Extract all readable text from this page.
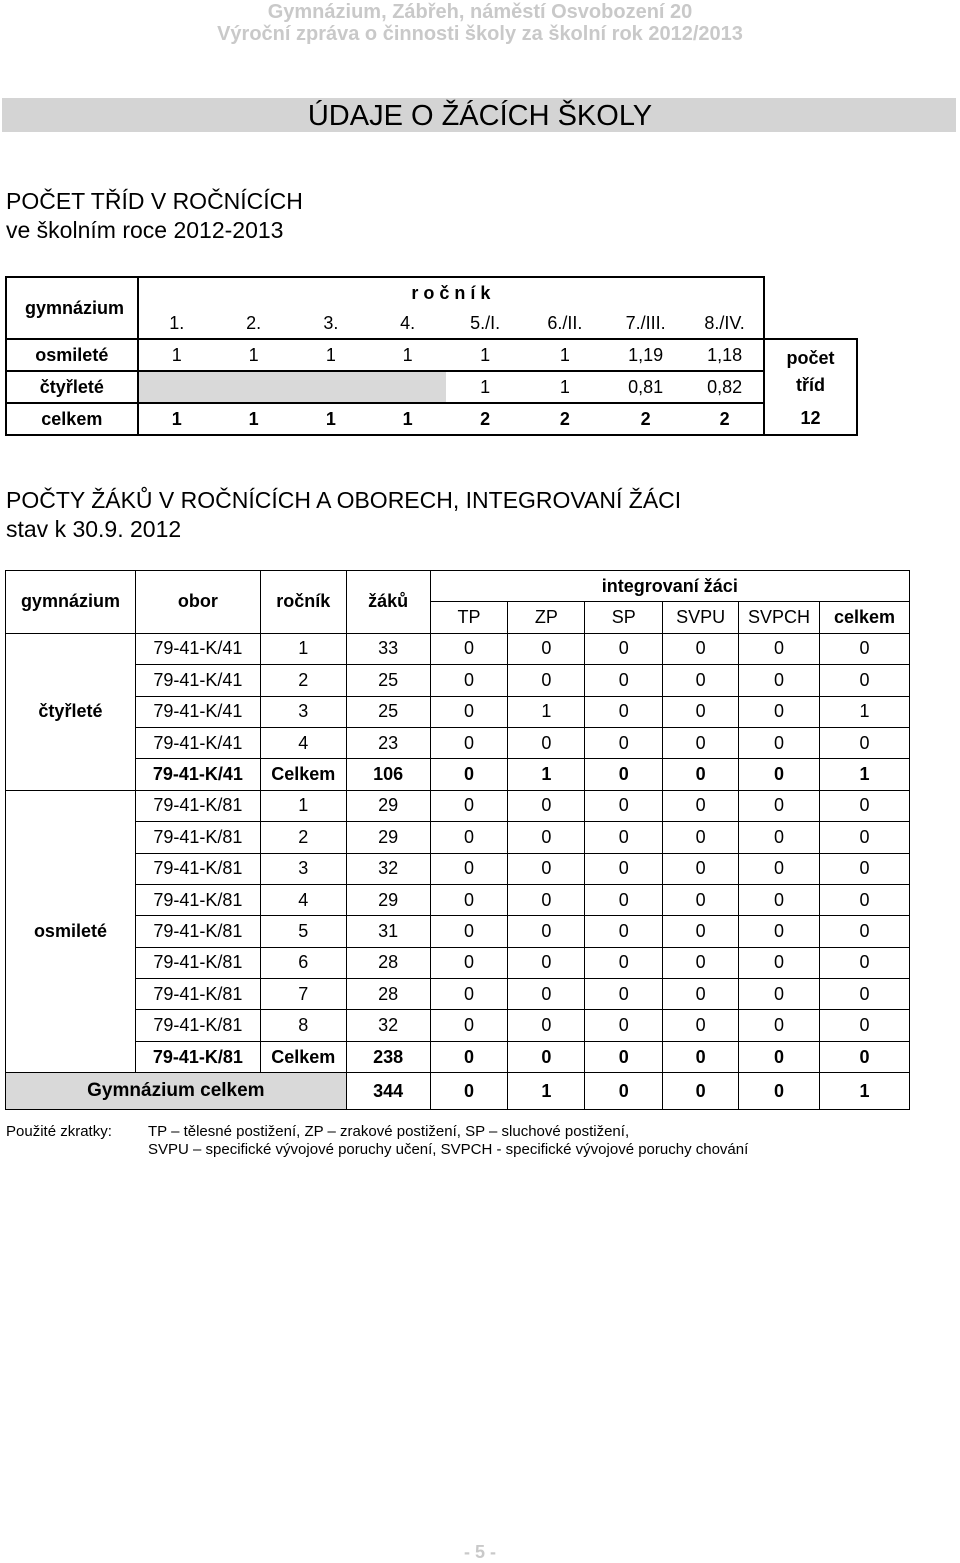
Gymnázium, Zábřeh, náměstí Osvobození 20
Výroční zpráva o činnosti školy za školní rok 2012/2013
ÚDAJE O ŽÁCÍCH ŠKOLY
POČET TŘÍD V ROČNÍCÍCH
ve školním roce 2012-2013
gymnázium	r o č n í k								
	1.	2.	3.	4.	5./I.	6./II.	7./III.	8./IV.	
osmileté	1	1	1	1	1	1	1,19	1,18	počet
tříd

čtyřleté					1	1	0,81	0,82	
celkem	1	1	1	1	2	2	2	2	12
POČTY ŽÁKŮ V ROČNÍCÍCH A OBORECH, INTEGROVANÍ ŽÁCI
stav k 30.9. 2012
gymnázium	obor	ročník	žáků	integrovaní žáci					
				TP	ZP	SP	SVPU	SVPCH	celkem
čtyřleté	79-41-K/41	1	33	0	0	0	0	0	0
	79-41-K/41	2	25	0	0	0	0	0	0
	79-41-K/41	3	25	0	1	0	0	0	1
	79-41-K/41	4	23	0	0	0	0	0	0
	79-41-K/41	Celkem	106	0	1	0	0	0	1
osmileté	79-41-K/81	1	29	0	0	0	0	0	0
	79-41-K/81	2	29	0	0	0	0	0	0
	79-41-K/81	3	32	0	0	0	0	0	0
	79-41-K/81	4	29	0	0	0	0	0	0
	79-41-K/81	5	31	0	0	0	0	0	0
	79-41-K/81	6	28	0	0	0	0	0	0
	79-41-K/81	7	28	0	0	0	0	0	0
	79-41-K/81	8	32	0	0	0	0	0	0
	79-41-K/81	Celkem	238	0	0	0	0	0	0
Gymnázium celkem			344	0	1	0	0	0	1
Použité zkratky: TP – tělesné postižení, ZP – zrakové postižení, SP – sluchové postižení,
SVPU – specifické vývojové poruchy učení, SVPCH - specifické vývojové poruchy chování
- 5 -
